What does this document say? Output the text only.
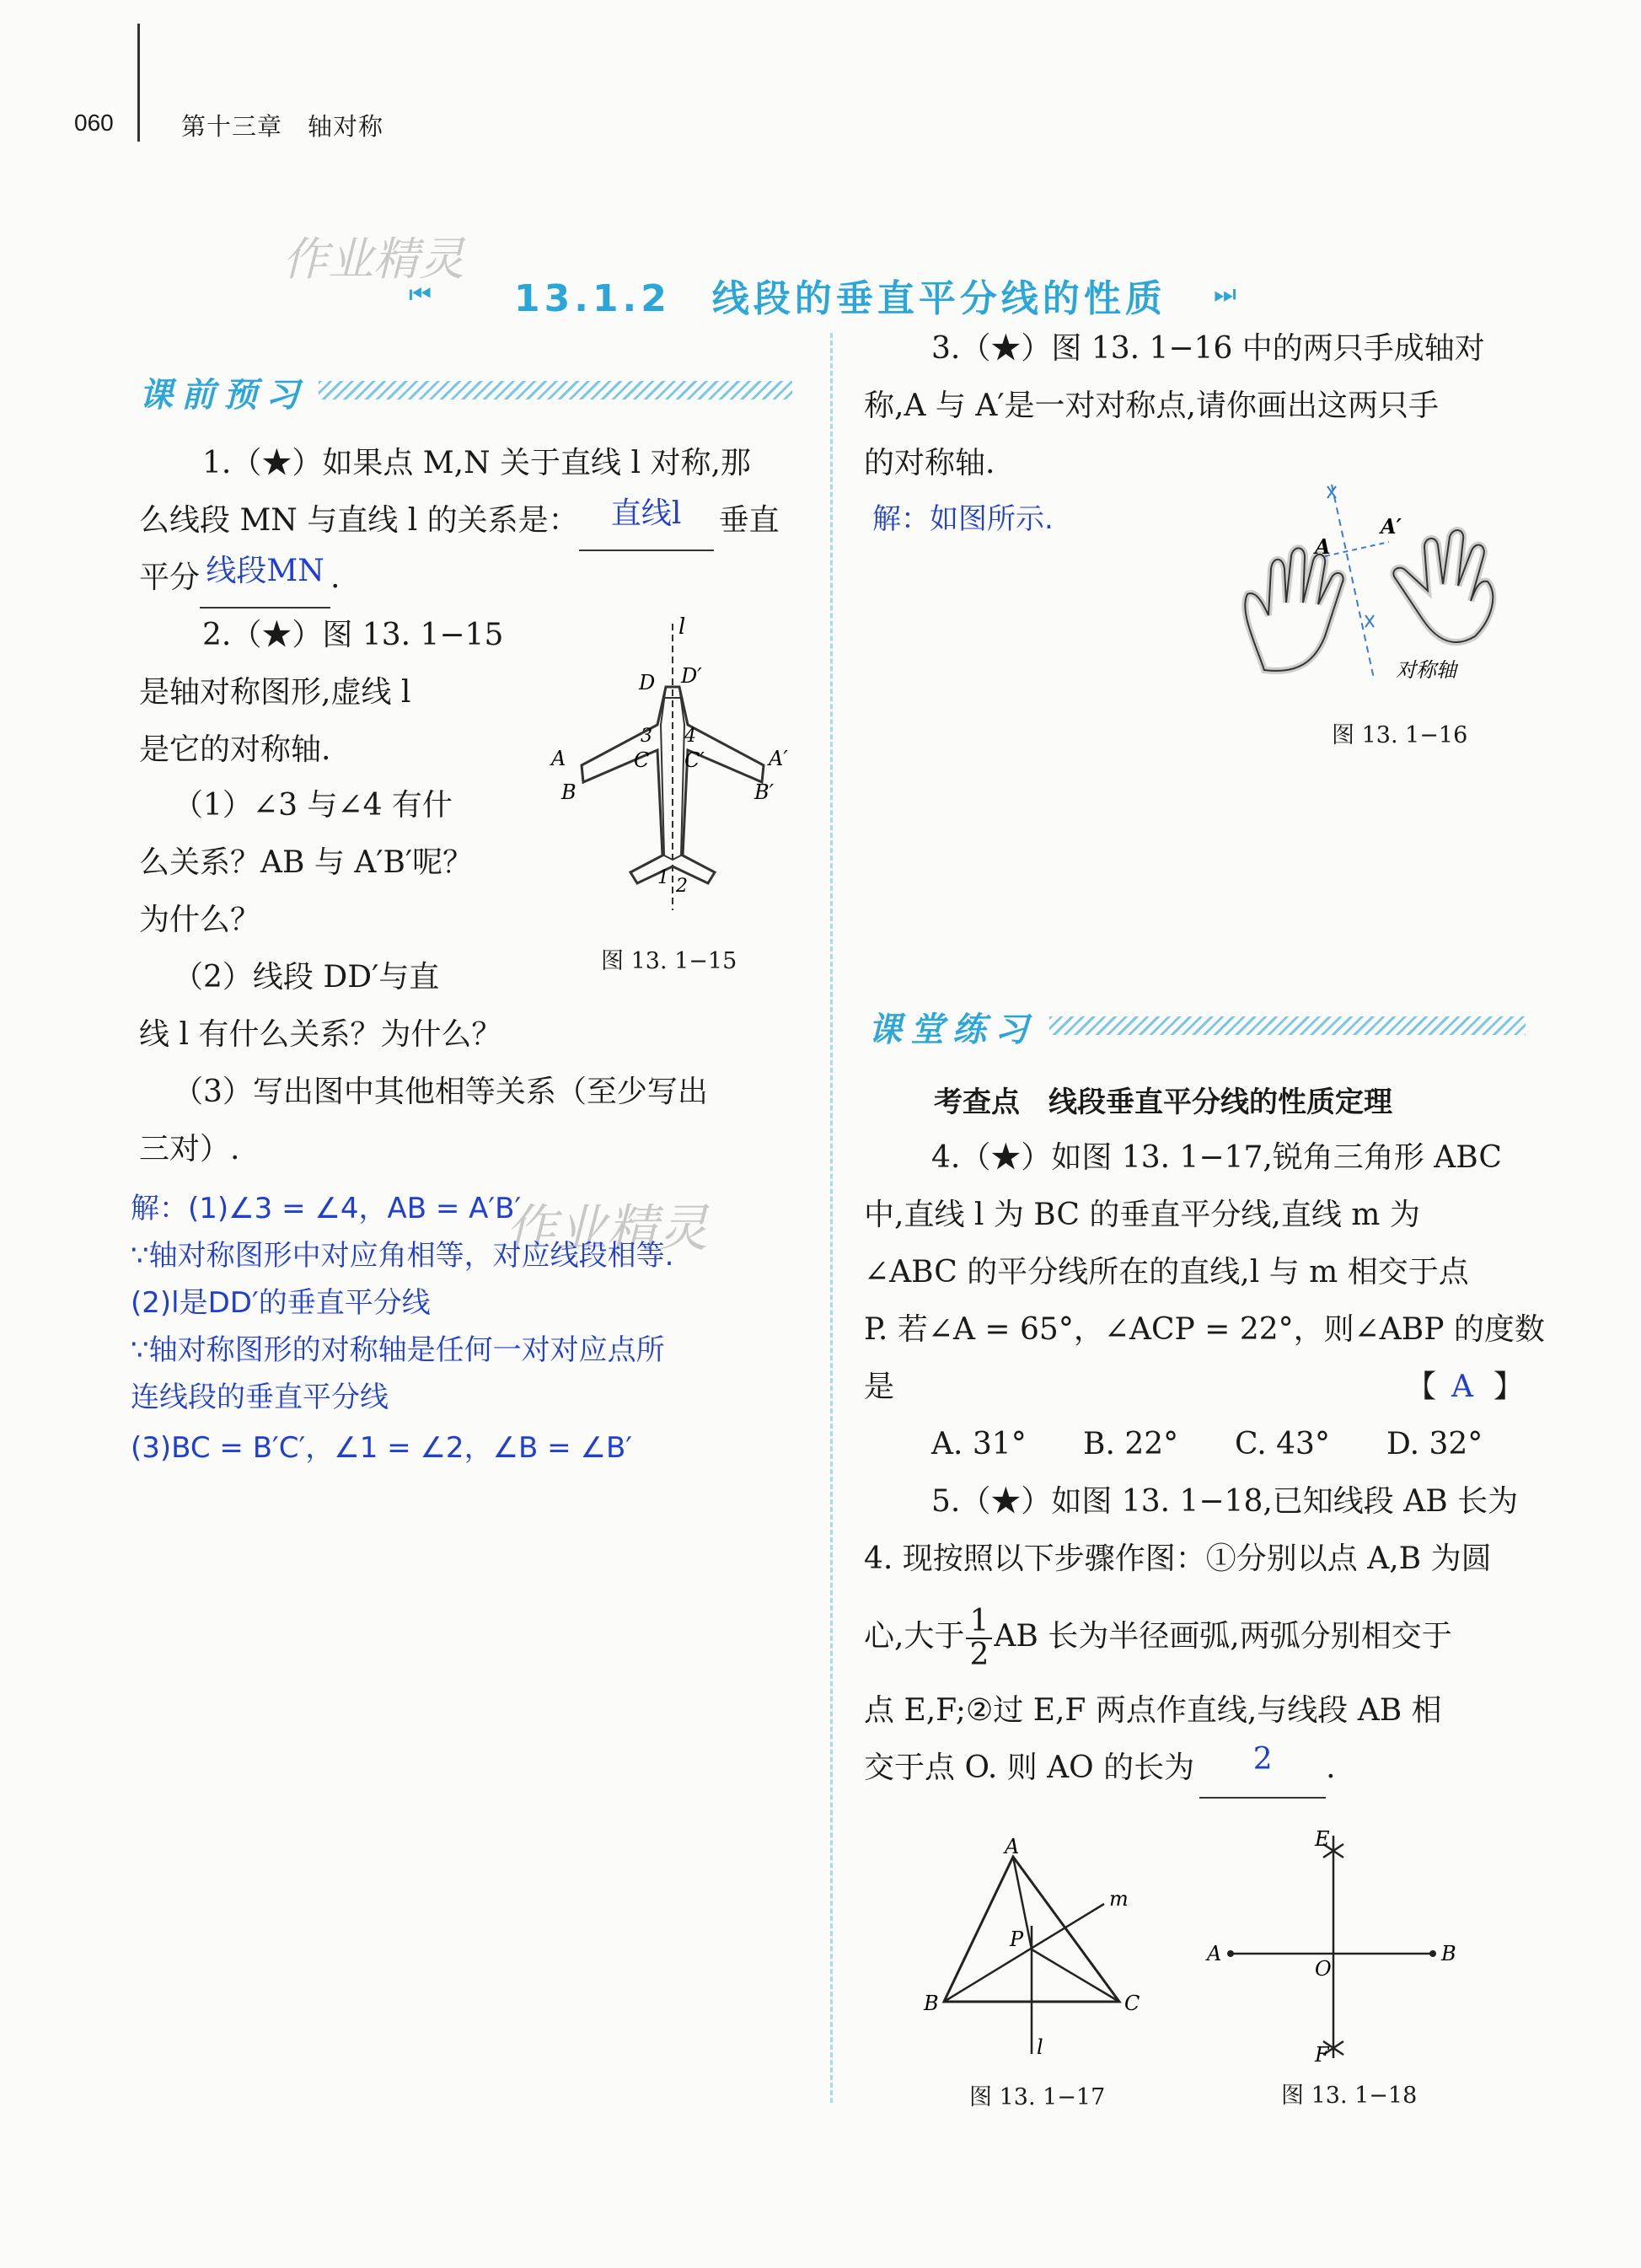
060	第十三章　轴对称
作业精灵
⏮ 13.1.2　线段的垂直平分线的性质 ⏭
课前预习
1.（★）如果点 M,N 关于直线 l 对称,那
么线段 MN 与直线 l 的关系是： 直线l 垂直
平分 线段MN .
2.（★）图 13. 1−15
是轴对称图形,虚线 l
是它的对称轴.
（1）∠3 与∠4 有什
么关系？AB 与 A′B′呢？
为什么？
（2）线段 DD′与直
线 l 有什么关系？为什么？
（3）写出图中其他相等关系（至少写出
三对）.
l
D D′
A	A′
B	B′
C C′
3 4
1 2
图 13. 1−15
解：(1)∠3 = ∠4，AB = A′B′
作业精灵
∵轴对称图形中对应角相等，对应线段相等.
(2)l是DD′的垂直平分线
∵轴对称图形的对称轴是任何一对对应点所
连线段的垂直平分线
(3)BC = B′C′，∠1 = ∠2，∠B = ∠B′
3.（★）图 13. 1−16 中的两只手成轴对
称,A 与 A′是一对对称点,请你画出这两只手
的对称轴.
解：如图所示.
A
A′
对称轴
图 13. 1−16
课堂练习
考查点　线段垂直平分线的性质定理
4.（★）如图 13. 1−17,锐角三角形 ABC
中,直线 l 为 BC 的垂直平分线,直线 m 为
∠ABC 的平分线所在的直线,l 与 m 相交于点
P. 若∠A = 65°，∠ACP = 22°，则∠ABP 的度数
是	【 A 】
A. 31° B. 22° C. 43° D. 32°
5.（★）如图 13. 1−18,已知线段 AB 长为
4. 现按照以下步骤作图：①分别以点 A,B 为圆
心,大于 $\frac{1}{2}$ AB 长为半径画弧,两弧分别相交于
点 E,F;②过 E,F 两点作直线,与线段 AB 相
交于点 O. 则 AO 的长为 2 .
A
B	C
P
m
l
图 13. 1−17
A	B
E
F
O
图 13. 1−18
